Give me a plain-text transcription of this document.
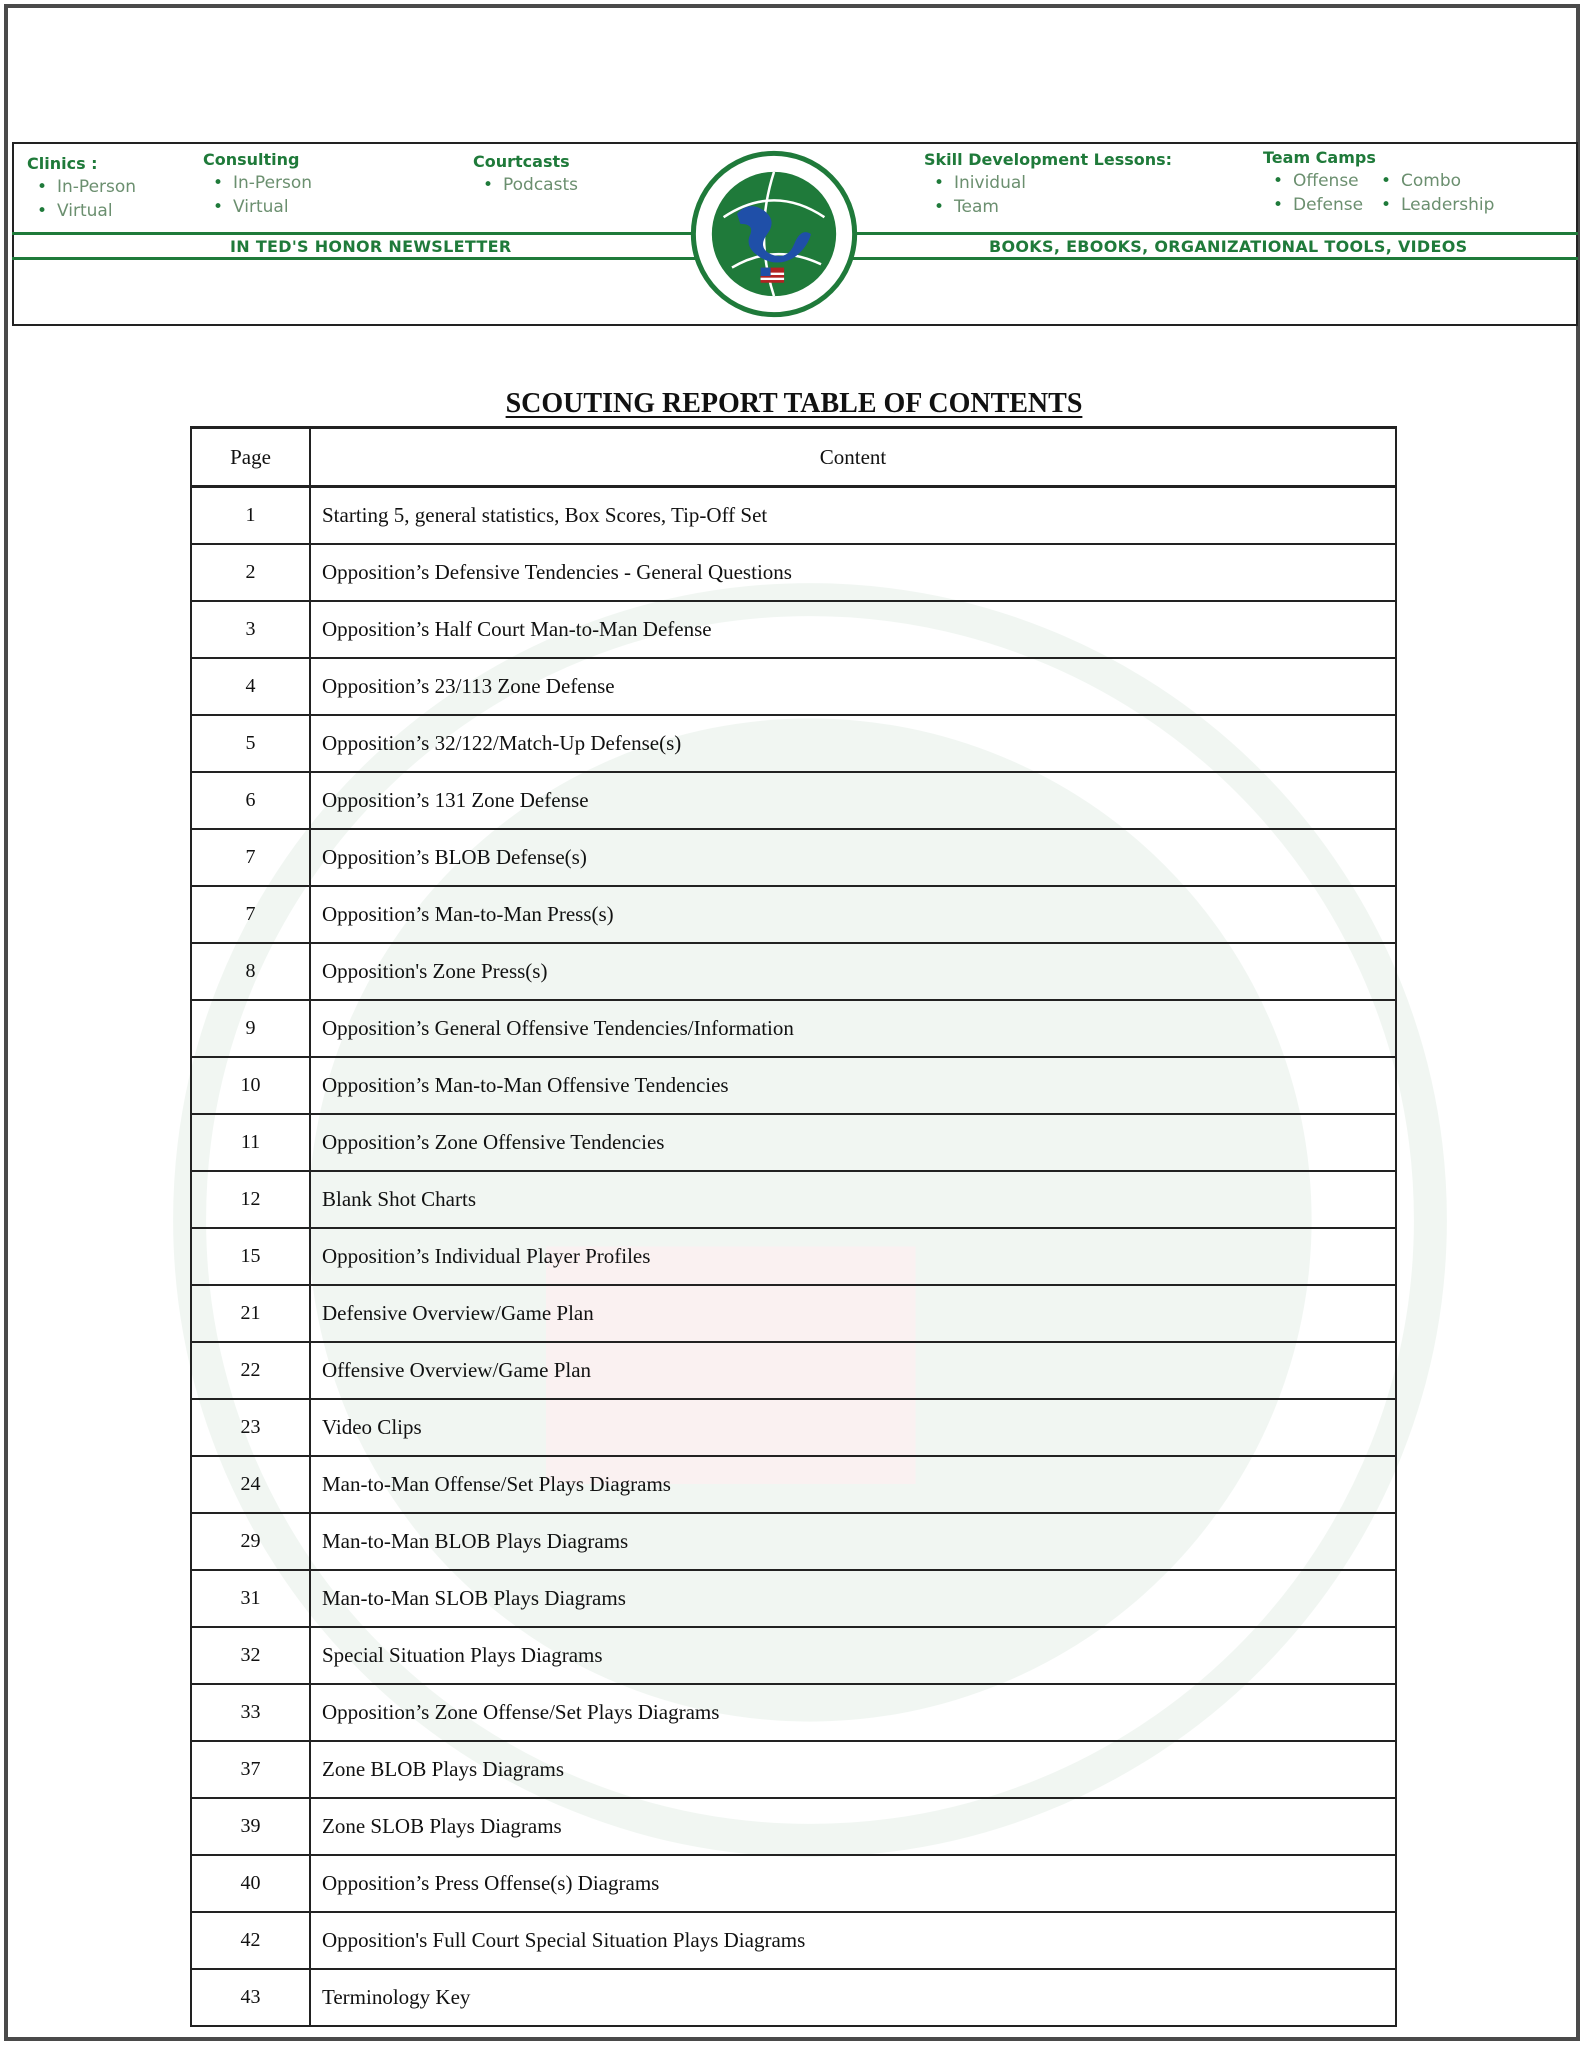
Clinics :

• In-Person
• Virtual

Consulting

• In-Person
• Virtual

Courtcasts

• Podcasts

Skill Development Lessons:

• Inividual
• Team

Team Camps

• Offense	• Combo
• Defense	• Leadership
IN TED'S HONOR NEWSLETTER	BOOKS, EBOOKS, ORGANIZATIONAL TOOLS, VIDEOS
SCOUTING REPORT TABLE OF CONTENTS
Page	Content
1	Starting 5, general statistics, Box Scores, Tip-Off Set
2	Opposition’s Defensive Tendencies - General Questions
3	Opposition’s Half Court Man-to-Man Defense
4	Opposition’s 23/113 Zone Defense
5	Opposition’s 32/122/Match-Up Defense(s)
6	Opposition’s 131 Zone Defense
7	Opposition’s BLOB Defense(s)
7	Opposition’s Man-to-Man Press(s)
8	Opposition's Zone Press(s)
9	Opposition’s General Offensive Tendencies/Information
10	Opposition’s Man-to-Man Offensive Tendencies
11	Opposition’s Zone Offensive Tendencies
12	Blank Shot Charts
15	Opposition’s Individual Player Profiles
21	Defensive Overview/Game Plan
22	Offensive Overview/Game Plan
23	Video Clips
24	Man-to-Man Offense/Set Plays Diagrams
29	Man-to-Man BLOB Plays Diagrams
31	Man-to-Man SLOB Plays Diagrams
32	Special Situation Plays Diagrams
33	Opposition’s Zone Offense/Set Plays Diagrams
37	Zone BLOB Plays Diagrams
39	Zone SLOB Plays Diagrams
40	Opposition’s Press Offense(s) Diagrams
42	Opposition's Full Court Special Situation Plays Diagrams
43	Terminology Key
